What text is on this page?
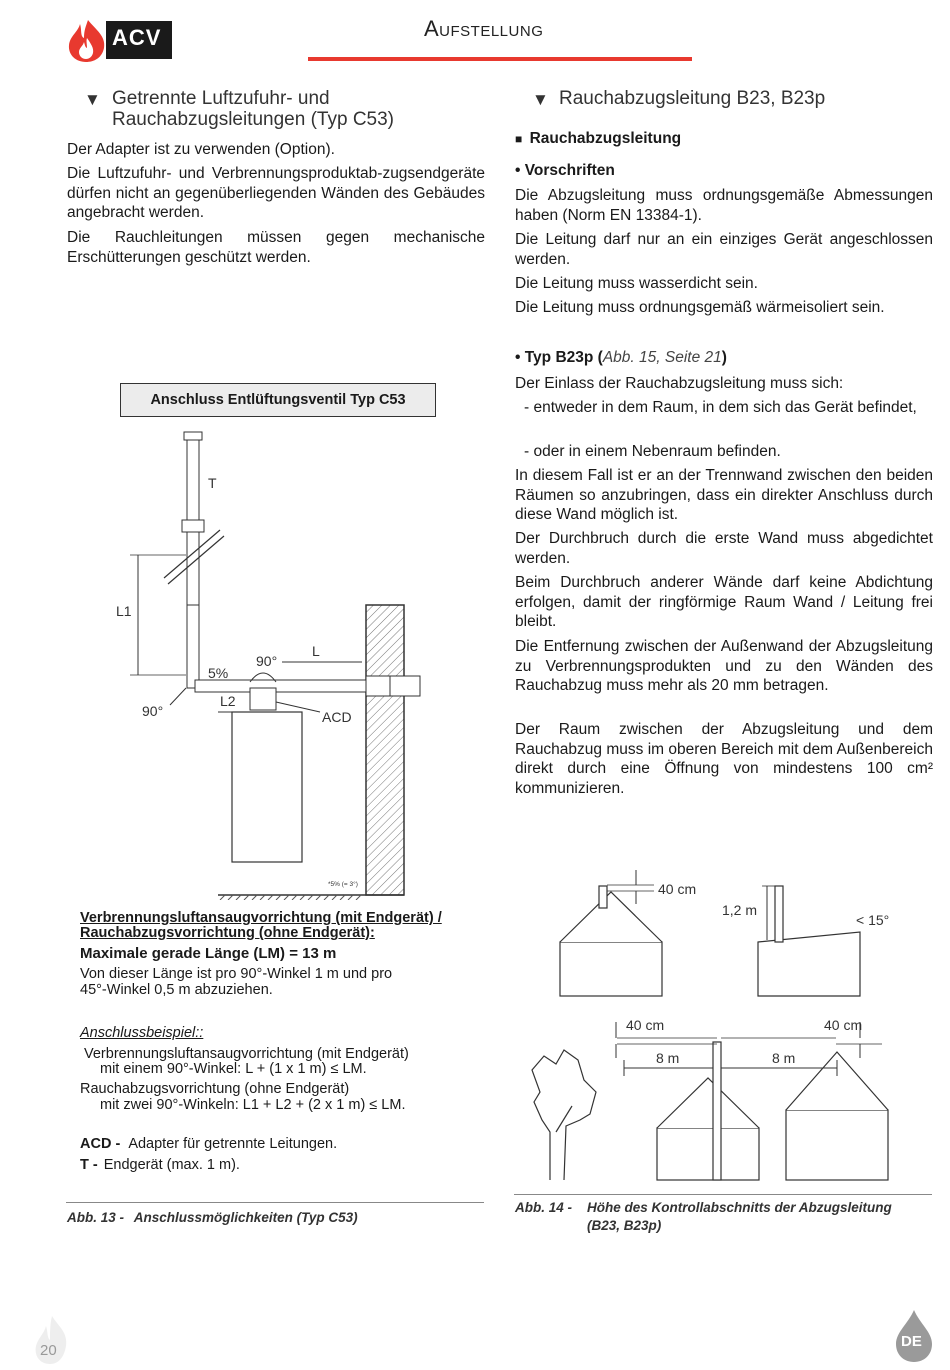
ACV	Aufstellung
▼ Getrennte Luftzufuhr- und
Rauchabzugsleitungen (Typ C53)

Der Adapter ist zu verwenden (Option).

Die Luftzufuhr- und Verbrennungsproduktab-zugsendgeräte dürfen nicht an gegenüberliegenden Wänden des Gebäudes angebracht werden.

Die Rauchleitungen müssen gegen mechanische Erschütterungen geschützt werden.

Anschluss Entlüftungsventil Typ C53
T
L1
5%
90°
L
L2
90°	ACD
*5% (= 3°)
Verbrennungsluftansaugvorrichtung (mit Endgerät) /
Rauchabzugsvorrichtung (ohne Endgerät):
Maximale gerade Länge (LM) = 13 m
Von dieser Länge ist pro 90°-Winkel 1 m und pro
45°-Winkel 0,5 m abzuziehen.
Anschlussbeispiel::
Verbrennungsluftansaugvorrichtung (mit Endgerät)
mit einem 90°-Winkel: L + (1 x 1 m) ≤ LM.
Rauchabzugsvorrichtung (ohne Endgerät)
mit zwei 90°-Winkeln: L1 + L2 + (2 x 1 m) ≤ LM.
ACD - Adapter für getrennte Leitungen.
T - Endgerät (max. 1 m).
Abb. 13 - Anschlussmöglichkeiten (Typ C53)
▼ Rauchabzugsleitung B23, B23p
■ Rauchabzugsleitung
• Vorschriften

Die Abzugsleitung muss ordnungsgemäße Abmessungen haben (Norm EN 13384-1).

Die Leitung darf nur an ein einziges Gerät angeschlossen werden.

Die Leitung muss wasserdicht sein.

Die Leitung muss ordnungsgemäß wärmeisoliert sein.

• Typ B23p (Abb. 15, Seite 21)

Der Einlass der Rauchabzugsleitung muss sich:

- entweder in dem Raum, in dem sich das Gerät befindet,

- oder in einem Nebenraum befinden.

In diesem Fall ist er an der Trennwand zwischen den beiden Räumen so anzubringen, dass ein direkter Anschluss durch diese Wand möglich ist.

Der Durchbruch durch die erste Wand muss abgedichtet werden.

Beim Durchbruch anderer Wände darf keine Abdichtung erfolgen, damit der ringförmige Raum Wand / Leitung frei bleibt.

Die Entfernung zwischen der Außenwand der Abzugsleitung zu Verbrennungsprodukten und zu den Wänden des Rauchabzug muss mehr als 20 mm betragen.

Der Raum zwischen der Abzugsleitung und dem Rauchabzug muss im oberen Bereich mit dem Außenbereich direkt durch eine Öffnung von mindestens 100 cm² kommunizieren.

40 cm
1,2 m
< 15°
40 cm	40 cm
8 m	8 m
Abb. 14 - Höhe des Kontrollabschnitts der Abzugsleitung
(B23, B23p)
20
DE
